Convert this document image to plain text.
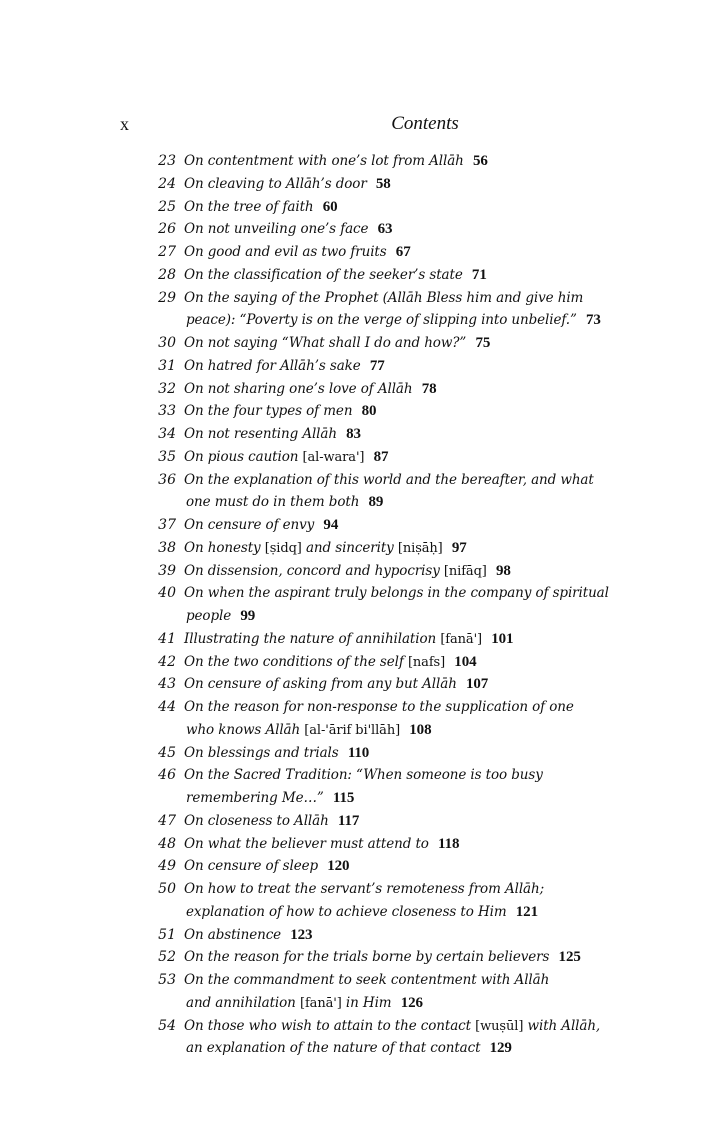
x	Contents
23 On contentment with one’s lot from Allāh 56
24 On cleaving to Allāh’s door 58
25 On the tree of faith 60
26 On not unveiling one’s face 63
27 On good and evil as two fruits 67
28 On the classification of the seeker’s state 71
29 On the saying of the Prophet (Allāh Bless him and give him
peace): “Poverty is on the verge of slipping into unbelief.” 73
30 On not saying “What shall I do and how?” 75
31 On hatred for Allāh’s sake 77
32 On not sharing one’s love of Allāh 78
33 On the four types of men 80
34 On not resenting Allāh 83
35 On pious caution [al-wara'] 87
36 On the explanation of this world and the bereafter, and what
one must do in them both 89
37 On censure of envy 94
38 On honesty [ṣidq] and sincerity [niṣāḥ] 97
39 On dissension, concord and hypocrisy [nifāq] 98
40 On when the aspirant truly belongs in the company of spiritual
people 99
41 Illustrating the nature of annihilation [fanā'] 101
42 On the two conditions of the self [nafs] 104
43 On censure of asking from any but Allāh 107
44 On the reason for non-response to the supplication of one
who knows Allāh [al-'ārif bi'llāh] 108
45 On blessings and trials 110
46 On the Sacred Tradition: “When someone is too busy
remembering Me…” 115
47 On closeness to Allāh 117
48 On what the believer must attend to 118
49 On censure of sleep 120
50 On how to treat the servant’s remoteness from Allāh;
explanation of how to achieve closeness to Him 121
51 On abstinence 123
52 On the reason for the trials borne by certain believers 125
53 On the commandment to seek contentment with Allāh
and annihilation [fanā'] in Him 126
54 On those who wish to attain to the contact [wuṣūl] with Allāh,
an explanation of the nature of that contact 129
